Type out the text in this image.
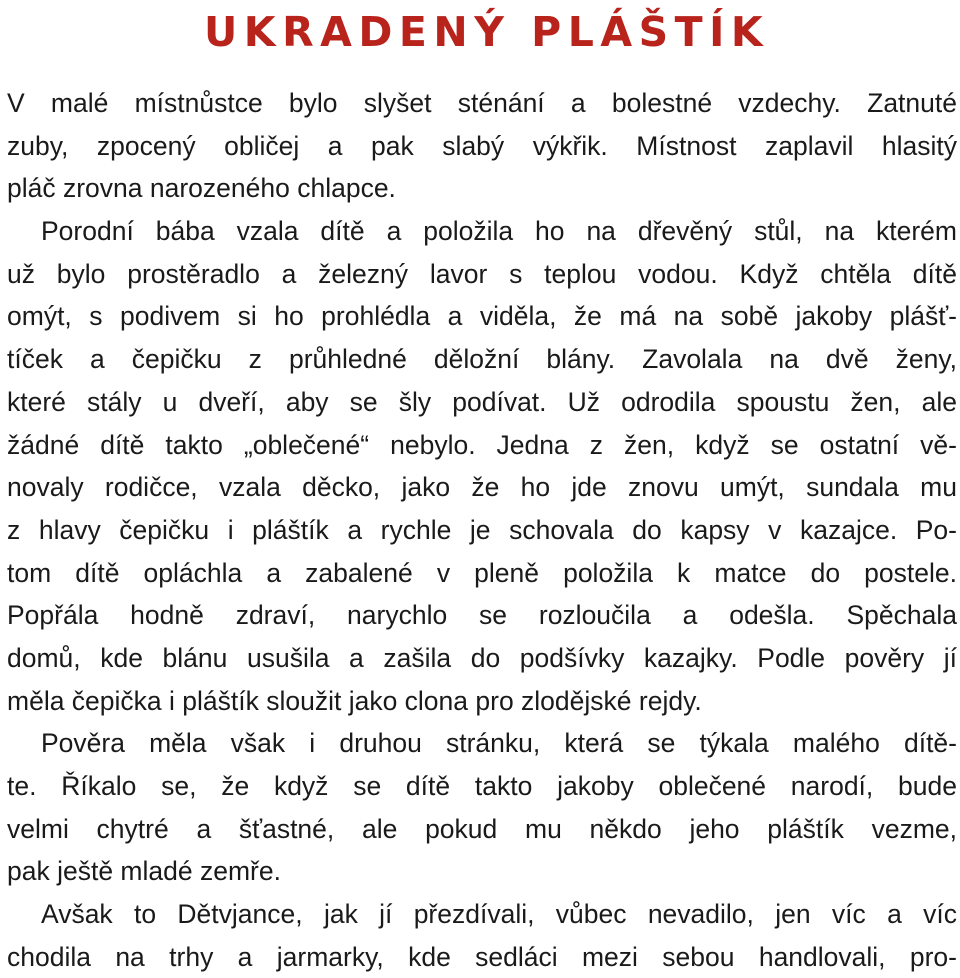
UKRADENÝ PLÁŠTÍK
V malé místnůstce bylo slyšet sténání a bolestné vzdechy. Zatnuté
zuby, zpocený obličej a pak slabý výkřik. Místnost zaplavil hlasitý
pláč zrovna narozeného chlapce.
Porodní bába vzala dítě a položila ho na dřevěný stůl, na kterém
už bylo prostěradlo a železný lavor s teplou vodou. Když chtěla dítě
omýt, s podivem si ho prohlédla a viděla, že má na sobě jakoby plášť-
tíček a čepičku z průhledné děložní blány. Zavolala na dvě ženy,
které stály u dveří, aby se šly podívat. Už odrodila spoustu žen, ale
žádné dítě takto „oblečené“ nebylo. Jedna z žen, když se ostatní vě-
novaly rodičce, vzala děcko, jako že ho jde znovu umýt, sundala mu
z hlavy čepičku i pláštík a rychle je schovala do kapsy v kazajce. Po-
tom dítě opláchla a zabalené v pleně položila k matce do postele.
Popřála hodně zdraví, narychlo se rozloučila a odešla. Spěchala
domů, kde blánu usušila a zašila do podšívky kazajky. Podle pověry jí
měla čepička i pláštík sloužit jako clona pro zlodějské rejdy.
Pověra měla však i druhou stránku, která se týkala malého dítě-
te. Říkalo se, že když se dítě takto jakoby oblečené narodí, bude
velmi chytré a šťastné, ale pokud mu někdo jeho pláštík vezme,
pak ještě mladé zemře.
Avšak to Dětvjance, jak jí přezdívali, vůbec nevadilo, jen víc a víc
chodila na trhy a jarmarky, kde sedláci mezi sebou handlovali, pro-
